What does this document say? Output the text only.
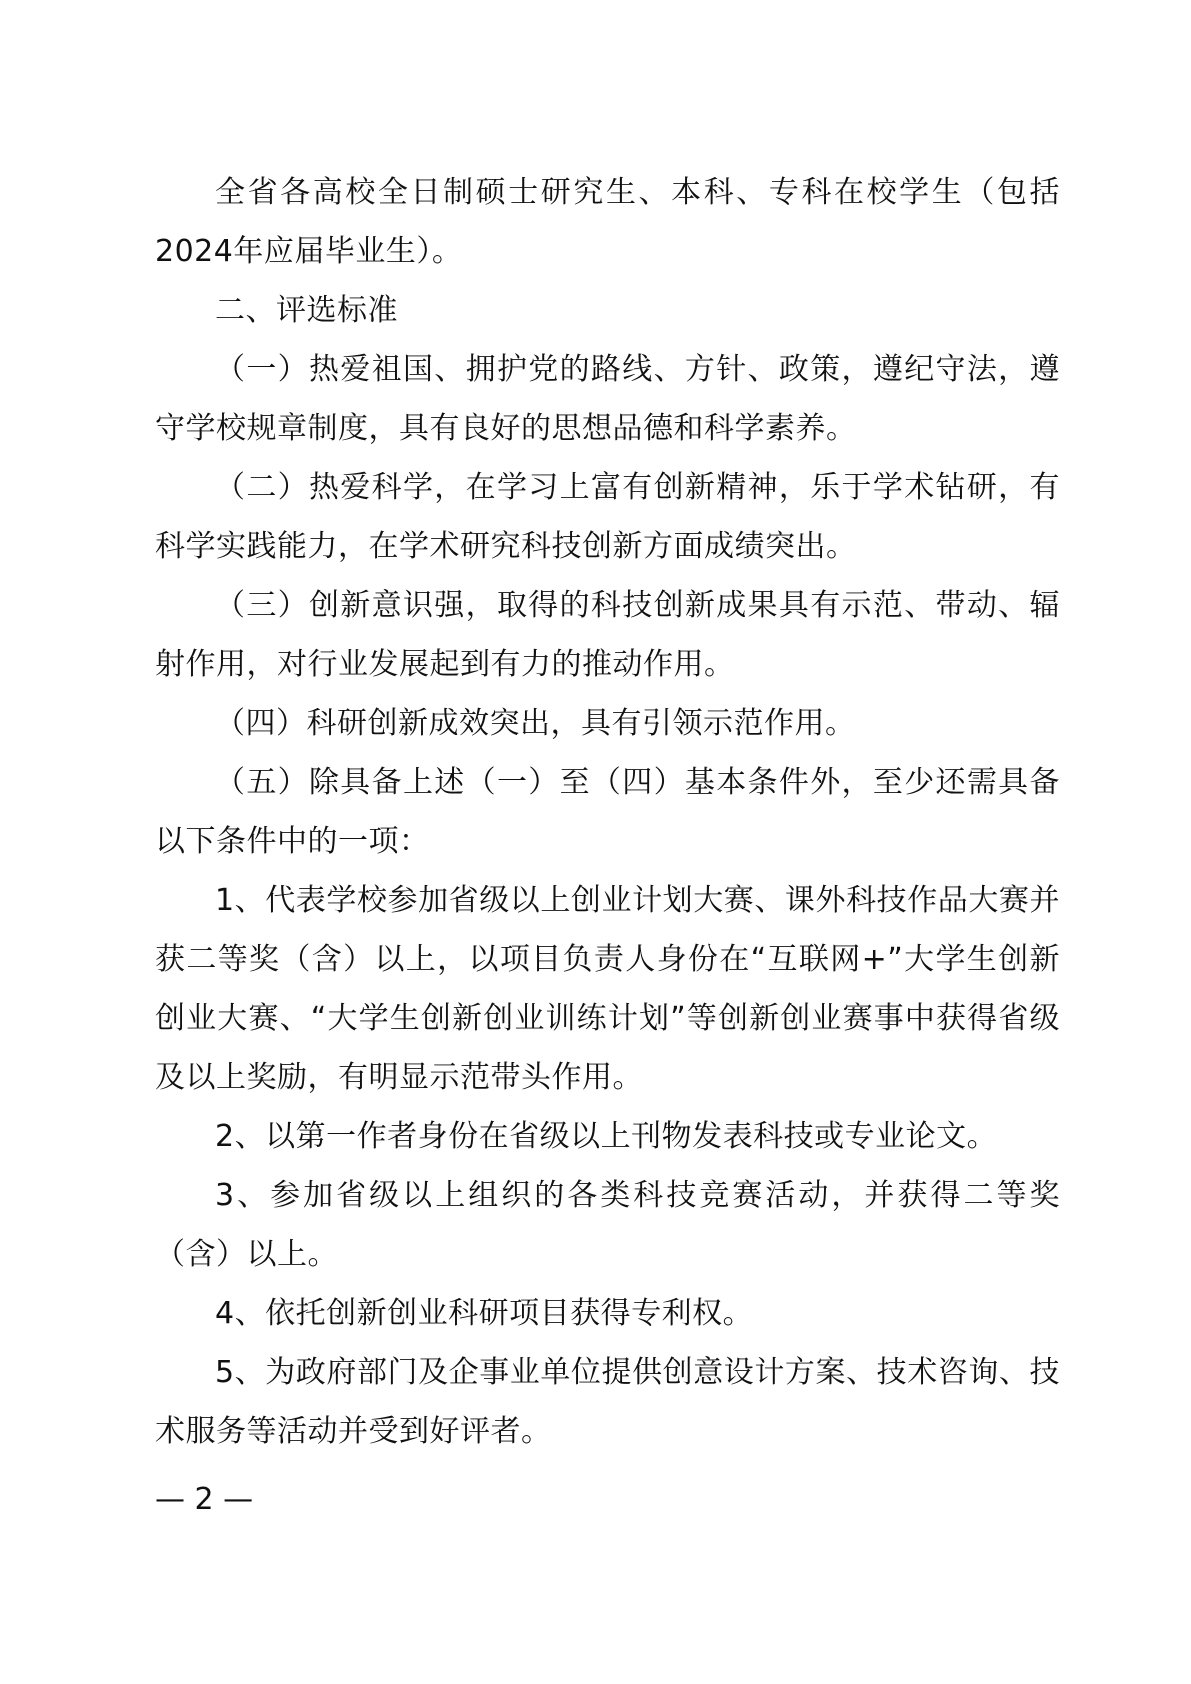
全省各高校全日制硕士研究生、本科、专科在校学生（包括2024年应届毕业生）。

二、评选标准

（一）热爱祖国、拥护党的路线、方针、政策，遵纪守法，遵守学校规章制度，具有良好的思想品德和科学素养。

（二）热爱科学，在学习上富有创新精神，乐于学术钻研，有科学实践能力，在学术研究科技创新方面成绩突出。

（三）创新意识强，取得的科技创新成果具有示范、带动、辐射作用，对行业发展起到有力的推动作用。

（四）科研创新成效突出，具有引领示范作用。

（五）除具备上述（一）至（四）基本条件外，至少还需具备以下条件中的一项：

1、代表学校参加省级以上创业计划大赛、课外科技作品大赛并获二等奖（含）以上，以项目负责人身份在“互联网+”大学生创新创业大赛、“大学生创新创业训练计划”等创新创业赛事中获得省级及以上奖励，有明显示范带头作用。

2、以第一作者身份在省级以上刊物发表科技或专业论文。

3、参加省级以上组织的各类科技竞赛活动，并获得二等奖（含）以上。

4、依托创新创业科研项目获得专利权。

5、为政府部门及企事业单位提供创意设计方案、技术咨询、技术服务等活动并受到好评者。

— 2 —
